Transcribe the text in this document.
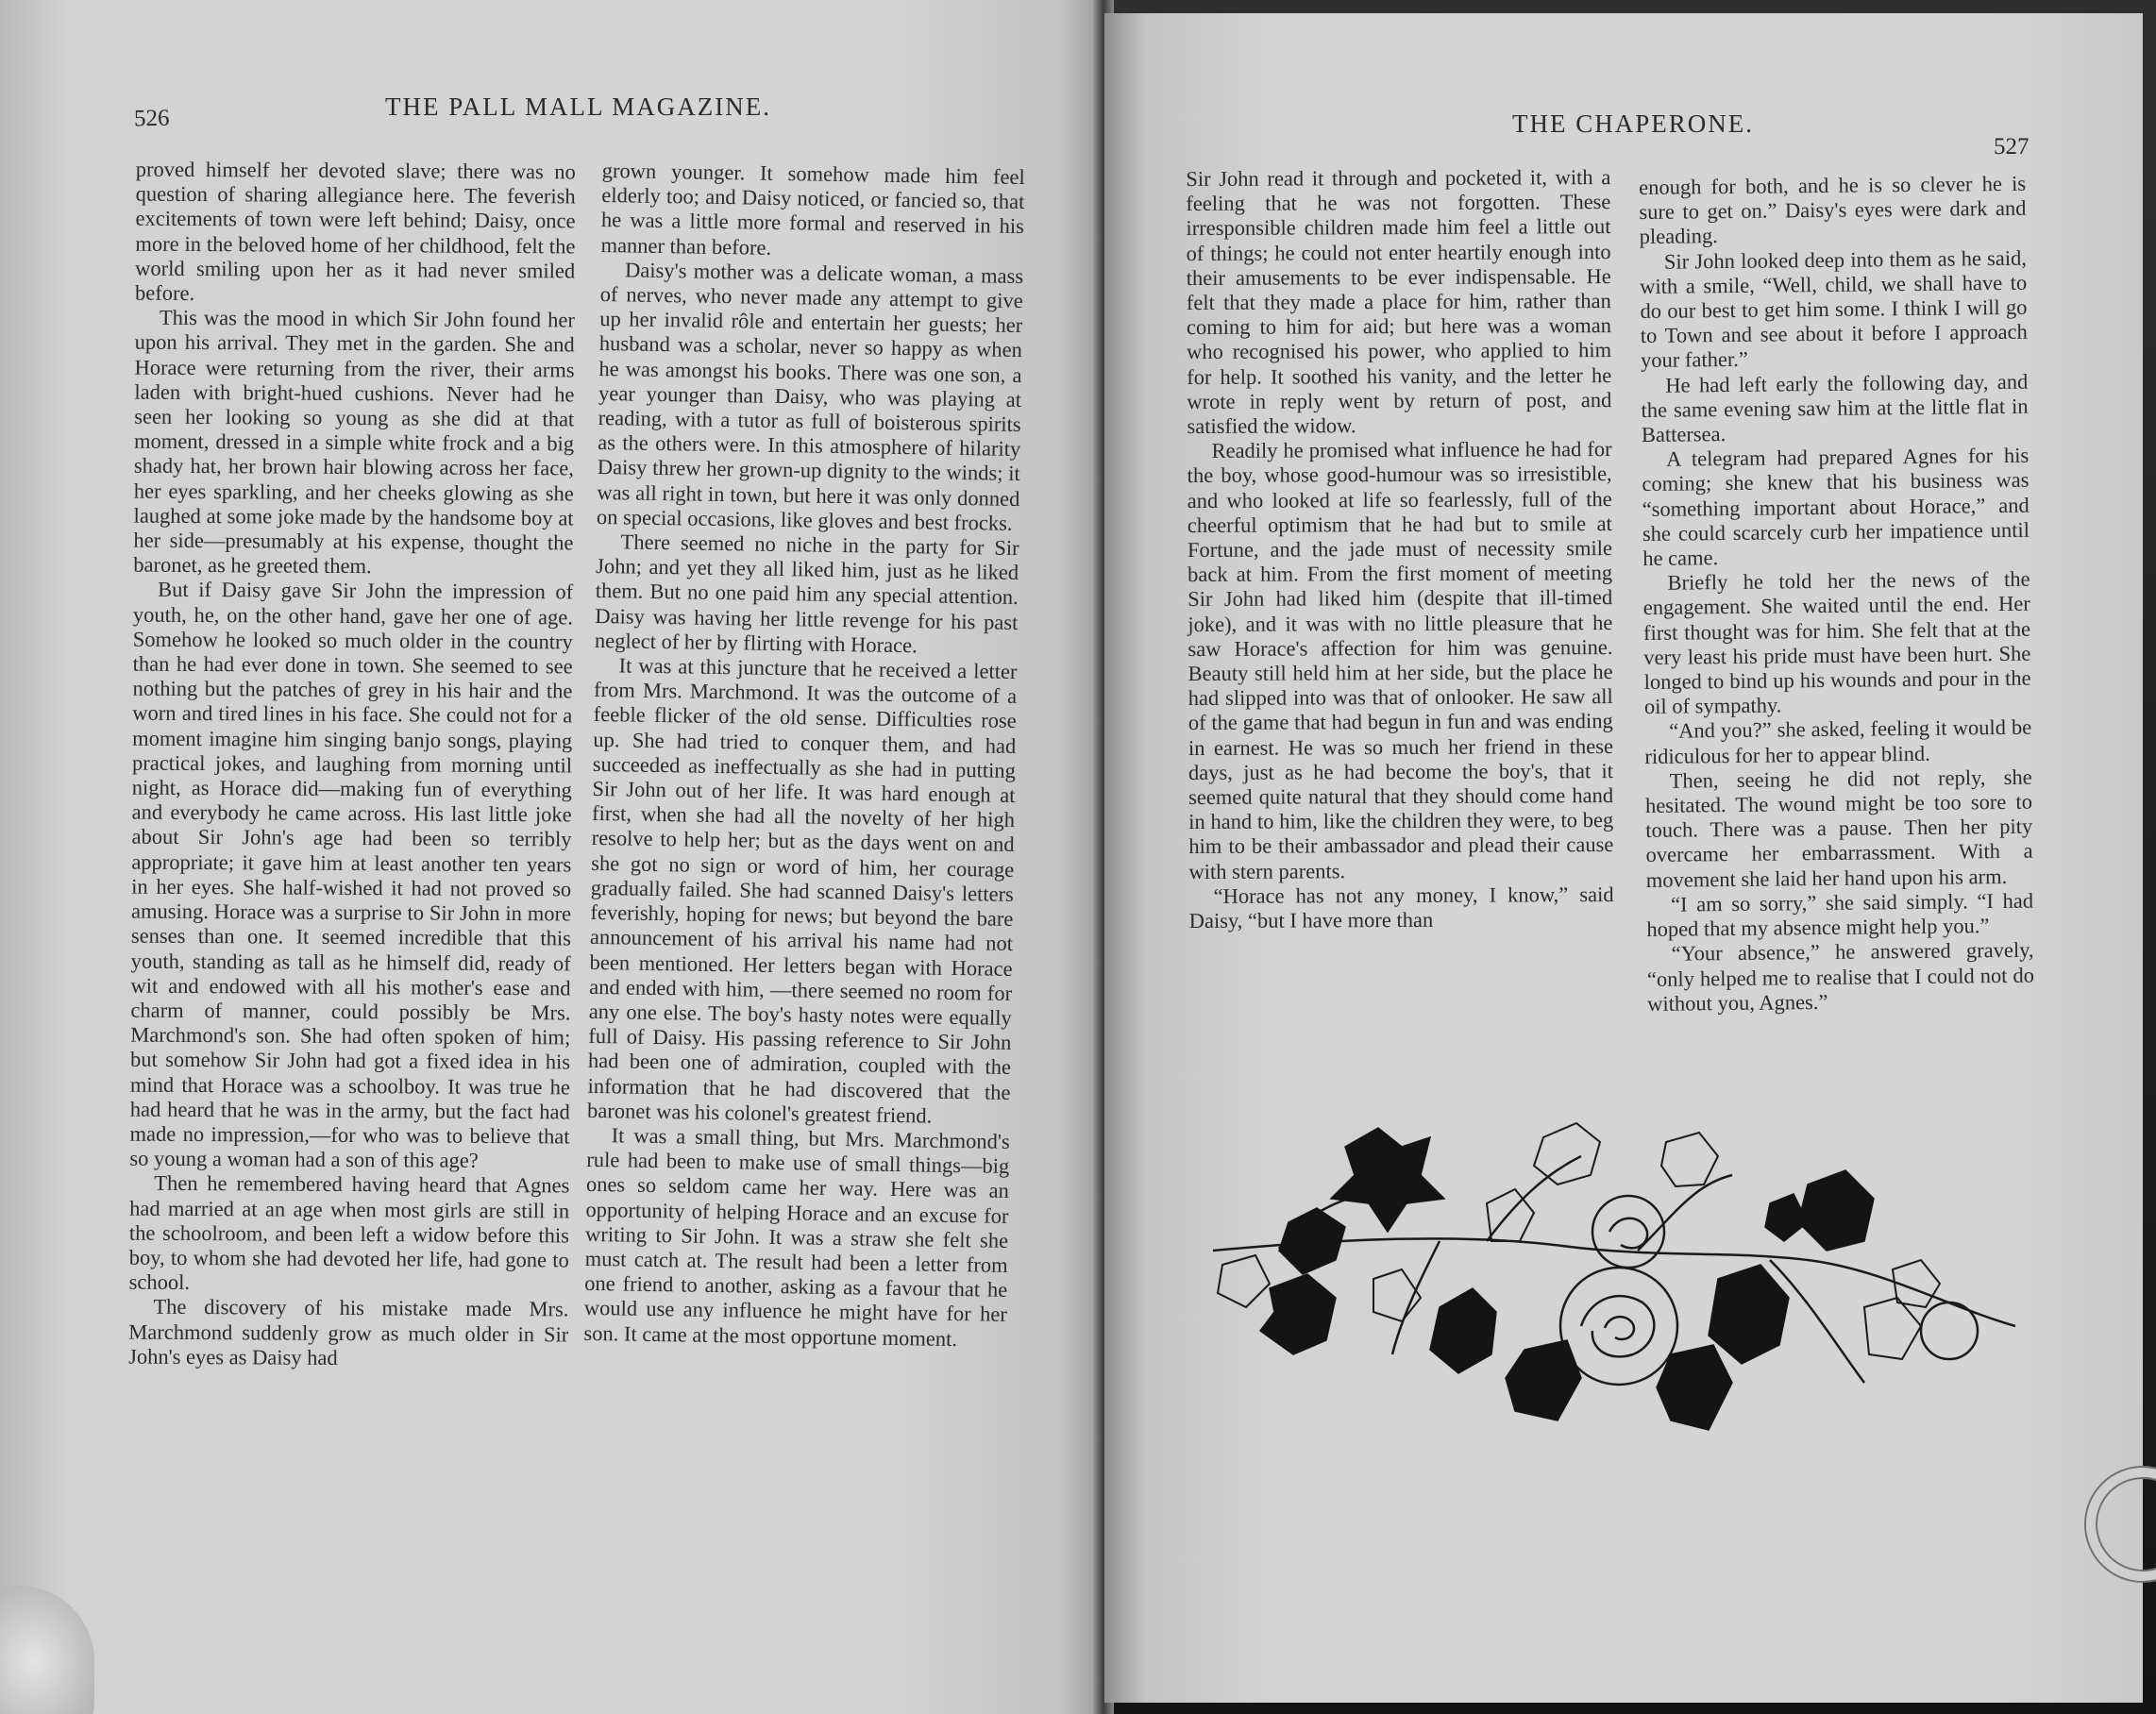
526	THE PALL MALL MAGAZINE.

proved himself her devoted slave; there was no question of sharing allegiance here. The feverish excitements of town were left behind; Daisy, once more in the beloved home of her childhood, felt the world smiling upon her as it had never smiled before.

This was the mood in which Sir John found her upon his arrival. They met in the garden. She and Horace were returning from the river, their arms laden with bright-hued cushions. Never had he seen her looking so young as she did at that moment, dressed in a simple white frock and a big shady hat, her brown hair blowing across her face, her eyes sparkling, and her cheeks glowing as she laughed at some joke made by the handsome boy at her side—presumably at his expense, thought the baronet, as he greeted them.

But if Daisy gave Sir John the impression of youth, he, on the other hand, gave her one of age. Somehow he looked so much older in the country than he had ever done in town. She seemed to see nothing but the patches of grey in his hair and the worn and tired lines in his face. She could not for a moment imagine him singing banjo songs, playing practical jokes, and laughing from morning until night, as Horace did—making fun of everything and everybody he came across. His last little joke about Sir John's age had been so terribly appropriate; it gave him at least another ten years in her eyes. She half-wished it had not proved so amusing. Horace was a surprise to Sir John in more senses than one. It seemed incredible that this youth, standing as tall as he himself did, ready of wit and endowed with all his mother's ease and charm of manner, could possibly be Mrs. Marchmond's son. She had often spoken of him; but somehow Sir John had got a fixed idea in his mind that Horace was a schoolboy. It was true he had heard that he was in the army, but the fact had made no impression,—for who was to believe that so young a woman had a son of this age?

Then he remembered having heard that Agnes had married at an age when most girls are still in the schoolroom, and been left a widow before this boy, to whom she had devoted her life, had gone to school.

The discovery of his mistake made Mrs. Marchmond suddenly grow as much older in Sir John's eyes as Daisy had

grown younger. It somehow made him feel elderly too; and Daisy noticed, or fancied so, that he was a little more formal and reserved in his manner than before.

Daisy's mother was a delicate woman, a mass of nerves, who never made any attempt to give up her invalid rôle and entertain her guests; her husband was a scholar, never so happy as when he was amongst his books. There was one son, a year younger than Daisy, who was playing at reading, with a tutor as full of boisterous spirits as the others were. In this atmosphere of hilarity Daisy threw her grown-up dignity to the winds; it was all right in town, but here it was only donned on special occasions, like gloves and best frocks.

There seemed no niche in the party for Sir John; and yet they all liked him, just as he liked them. But no one paid him any special attention. Daisy was having her little revenge for his past neglect of her by flirting with Horace.

It was at this juncture that he received a letter from Mrs. Marchmond. It was the outcome of a feeble flicker of the old sense. Difficulties rose up. She had tried to conquer them, and had succeeded as ineffectually as she had in putting Sir John out of her life. It was hard enough at first, when she had all the novelty of her high resolve to help her; but as the days went on and she got no sign or word of him, her courage gradually failed. She had scanned Daisy's letters feverishly, hoping for news; but beyond the bare announcement of his arrival his name had not been mentioned. Her letters began with Horace and ended with him, —there seemed no room for any one else. The boy's hasty notes were equally full of Daisy. His passing reference to Sir John had been one of admiration, coupled with the information that he had discovered that the baronet was his colonel's greatest friend.

It was a small thing, but Mrs. Marchmond's rule had been to make use of small things—big ones so seldom came her way. Here was an opportunity of helping Horace and an excuse for writing to Sir John. It was a straw she felt she must catch at. The result had been a letter from one friend to another, asking as a favour that he would use any influence he might have for her son. It came at the most opportune moment.

THE CHAPERONE.
527

Sir John read it through and pocketed it, with a feeling that he was not forgotten. These irresponsible children made him feel a little out of things; he could not enter heartily enough into their amusements to be ever indispensable. He felt that they made a place for him, rather than coming to him for aid; but here was a woman who recognised his power, who applied to him for help. It soothed his vanity, and the letter he wrote in reply went by return of post, and satisfied the widow.

Readily he promised what influence he had for the boy, whose good-humour was so irresistible, and who looked at life so fearlessly, full of the cheerful optimism that he had but to smile at Fortune, and the jade must of necessity smile back at him. From the first moment of meeting Sir John had liked him (despite that ill-timed joke), and it was with no little pleasure that he saw Horace's affection for him was genuine. Beauty still held him at her side, but the place he had slipped into was that of onlooker. He saw all of the game that had begun in fun and was ending in earnest. He was so much her friend in these days, just as he had become the boy's, that it seemed quite natural that they should come hand in hand to him, like the children they were, to beg him to be their ambassador and plead their cause with stern parents.

“Horace has not any money, I know,” said Daisy, “but I have more than

enough for both, and he is so clever he is sure to get on.” Daisy's eyes were dark and pleading.

Sir John looked deep into them as he said, with a smile, “Well, child, we shall have to do our best to get him some. I think I will go to Town and see about it before I approach your father.”

He had left early the following day, and the same evening saw him at the little flat in Battersea.

A telegram had prepared Agnes for his coming; she knew that his business was “something important about Horace,” and she could scarcely curb her impatience until he came.

Briefly he told her the news of the engagement. She waited until the end. Her first thought was for him. She felt that at the very least his pride must have been hurt. She longed to bind up his wounds and pour in the oil of sympathy.

“And you?” she asked, feeling it would be ridiculous for her to appear blind.

Then, seeing he did not reply, she hesitated. The wound might be too sore to touch. There was a pause. Then her pity overcame her embarrassment. With a movement she laid her hand upon his arm.

“I am so sorry,” she said simply. “I had hoped that my absence might help you.”

“Your absence,” he answered gravely, “only helped me to realise that I could not do without you, Agnes.”
